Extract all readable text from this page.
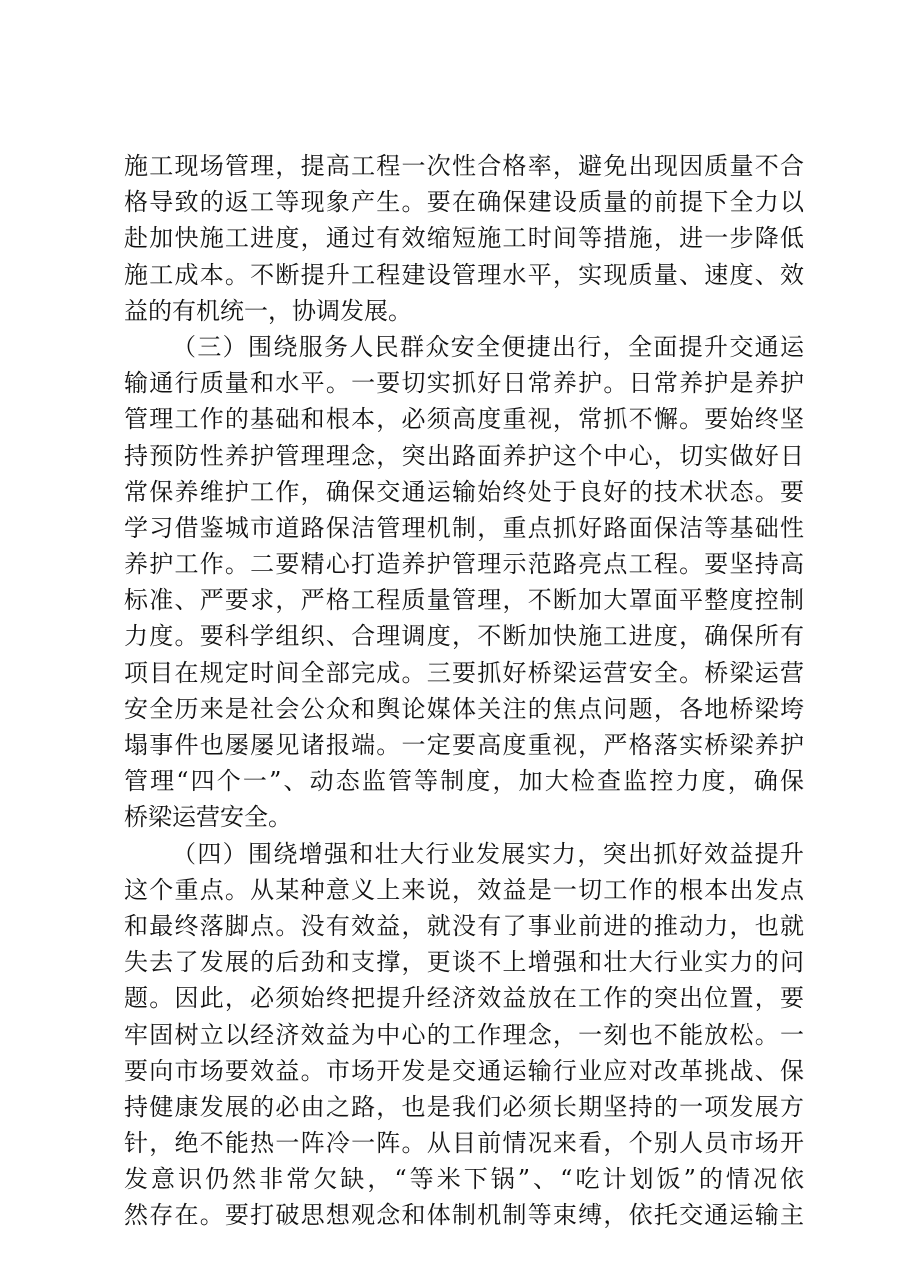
施工现场管理，提高工程一次性合格率，避免出现因质量不合
格导致的返工等现象产生。要在确保建设质量的前提下全力以
赴加快施工进度，通过有效缩短施工时间等措施，进一步降低
施工成本。不断提升工程建设管理水平，实现质量、速度、效
益的有机统一，协调发展。
（三）围绕服务人民群众安全便捷出行，全面提升交通运
输通行质量和水平。一要切实抓好日常养护。日常养护是养护
管理工作的基础和根本，必须高度重视，常抓不懈。要始终坚
持预防性养护管理理念，突出路面养护这个中心，切实做好日
常保养维护工作，确保交通运输始终处于良好的技术状态。要
学习借鉴城市道路保洁管理机制，重点抓好路面保洁等基础性
养护工作。二要精心打造养护管理示范路亮点工程。要坚持高
标准、严要求，严格工程质量管理，不断加大罩面平整度控制
力度。要科学组织、合理调度，不断加快施工进度，确保所有
项目在规定时间全部完成。三要抓好桥梁运营安全。桥梁运营
安全历来是社会公众和舆论媒体关注的焦点问题，各地桥梁垮
塌事件也屡屡见诸报端。一定要高度重视，严格落实桥梁养护
管理“四个一”、动态监管等制度，加大检查监控力度，确保
桥梁运营安全。
（四）围绕增强和壮大行业发展实力，突出抓好效益提升
这个重点。从某种意义上来说，效益是一切工作的根本出发点
和最终落脚点。没有效益，就没有了事业前进的推动力，也就
失去了发展的后劲和支撑，更谈不上增强和壮大行业实力的问
题。因此，必须始终把提升经济效益放在工作的突出位置，要
牢固树立以经济效益为中心的工作理念，一刻也不能放松。一
要向市场要效益。市场开发是交通运输行业应对改革挑战、保
持健康发展的必由之路，也是我们必须长期坚持的一项发展方
针，绝不能热一阵冷一阵。从目前情况来看，个别人员市场开
发意识仍然非常欠缺，“等米下锅”、“吃计划饭”的情况依
然存在。要打破思想观念和体制机制等束缚，依托交通运输主
